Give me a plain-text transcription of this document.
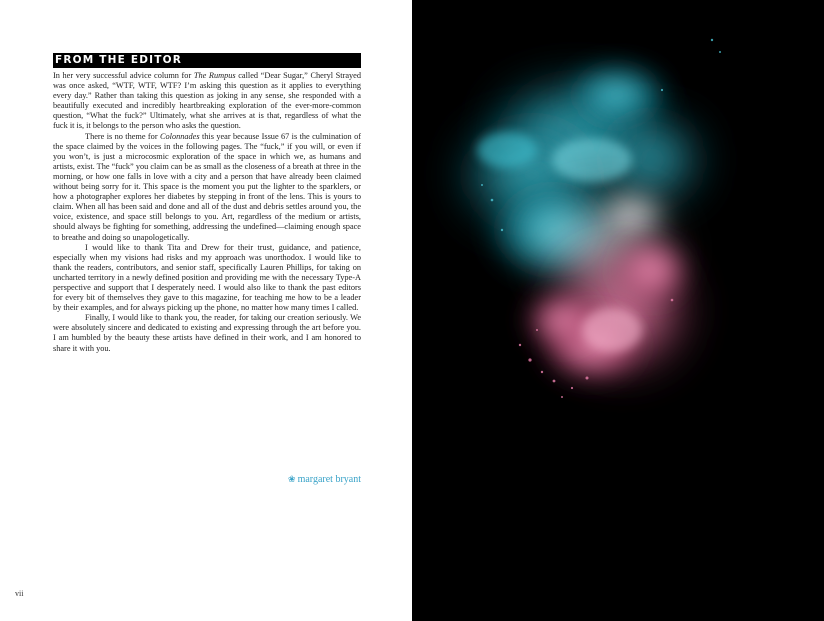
FROM THE EDITOR

In her very successful advice column for The Rumpus called “Dear Sugar,” Cheryl Strayed was once asked, “WTF, WTF, WTF? I’m asking this question as it applies to everything every day.” Rather than taking this question as joking in any sense, she responded with a beautifully executed and incredibly heartbreaking exploration of the ever-more-common question, “What the fuck?” Ultimately, what she arrives at is that, regardless of what the fuck it is, it belongs to the person who asks the question.

There is no theme for Colonnades this year because Issue 67 is the culmination of the space claimed by the voices in the following pages. The “fuck,” if you will, or even if you won’t, is just a microcosmic exploration of the space in which we, as humans and artists, exist. The “fuck” you claim can be as small as the closeness of a breath at three in the morning, or how one falls in love with a city and a person that have already been claimed without being sorry for it. This space is the moment you put the lighter to the sparklers, or how a photographer explores her diabetes by stepping in front of the lens. This is yours to claim. When all has been said and done and all of the dust and debris settles around you, the voice, existence, and space still belongs to you. Art, regardless of the medium or artists, should always be fighting for something, addressing the undefined—claiming enough space to breathe and doing so unapologetically.

I would like to thank Tita and Drew for their trust, guidance, and patience, especially when my visions had risks and my approach was unorthodox. I would like to thank the readers, contributors, and senior staff, specifically Lauren Phillips, for taking on uncharted territory in a newly defined position and providing me with the necessary Type-A perspective and support that I desperately need. I would also like to thank the past editors for every bit of themselves they gave to this magazine, for teaching me how to be a leader by their examples, and for always picking up the phone, no matter how many times I called.

Finally, I would like to thank you, the reader, for taking our creation seriously. We were absolutely sincere and dedicated to existing and expressing through the art before you. I am humbled by the beauty these artists have defined in their work, and I am honored to share it with you.

❀ margaret bryant
vii
